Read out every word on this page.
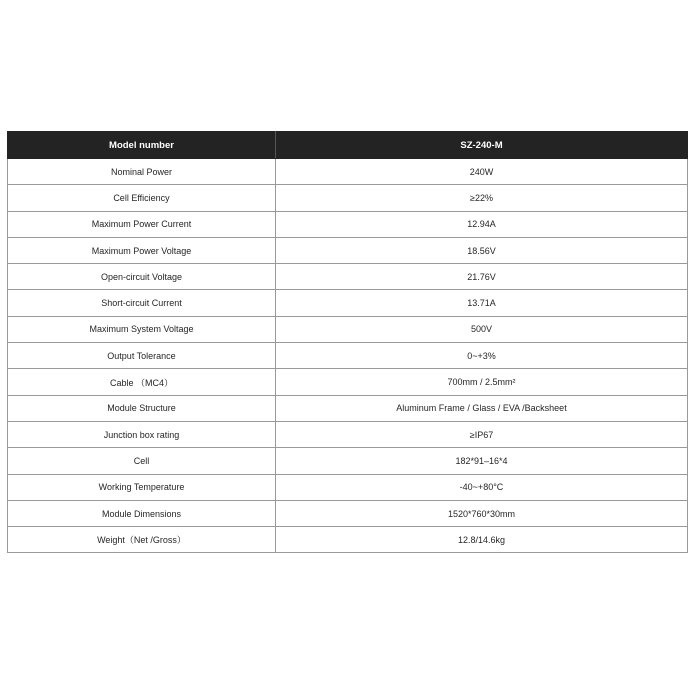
Model number	SZ-240-M
Nominal Power	240W
Cell Efficiency	≥22%
Maximum Power Current	12.94A
Maximum Power Voltage	18.56V
Open-circuit Voltage	21.76V
Short-circuit Current	13.71A
Maximum System Voltage	500V
Output Tolerance	0~+3%
Cable （MC4）	700mm / 2.5mm²
Module Structure	Aluminum Frame / Glass / EVA /Backsheet
Junction box rating	≥IP67
Cell	182*91–16*4
Working Temperature	-40~+80°C
Module Dimensions	1520*760*30mm
Weight（Net /Gross）	12.8/14.6kg
